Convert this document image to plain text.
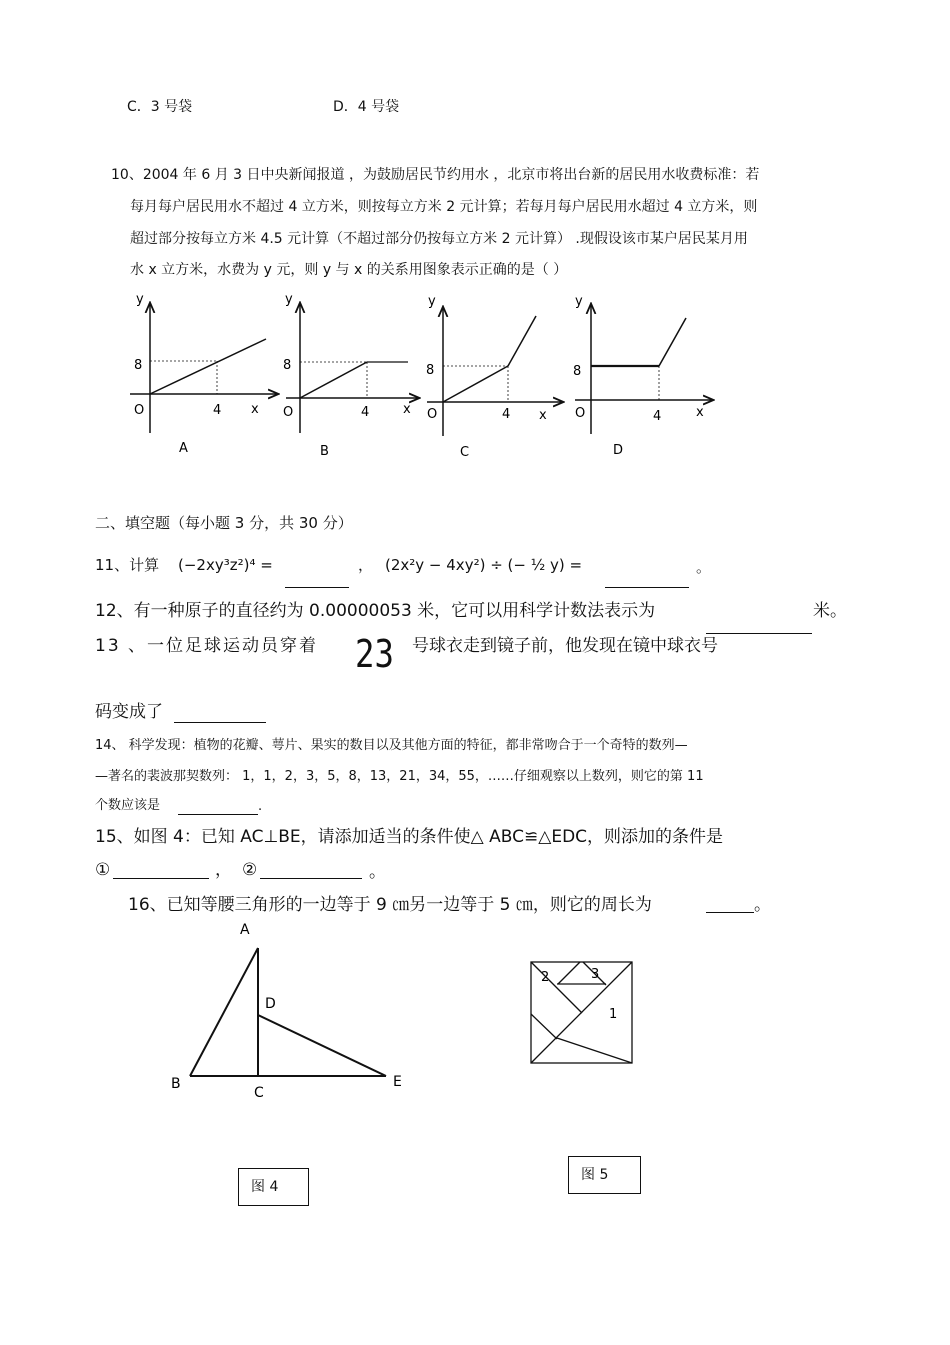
C．3 号袋	D．4 号袋
10、2004 年 6 月 3 日中央新闻报道 ，为鼓励居民节约用水 ，北京市将出台新的居民用水收费标准：若
每月每户居民用水不超过 4 立方米，则按每立方米 2 元计算；若每月每户居民用水超过 4 立方米，则
超过部分按每立方米 4.5 元计算（不超过部分仍按每立方米 2 元计算） .现假设该市某户居民某月用
水 x 立方米，水费为 y 元，则 y 与 x 的关系用图象表示正确的是（ ）
y
8
O	4 x
A
y
8
O	4	x
B
y
8
O	4 x
C
y
8
O	4	x
D
二、填空题（每小题 3 分，共 30 分）
11、计算 (−2xy³z²)⁴ =	， (2x²y − 4xy²) ÷ (− ½ y) =	。
12、有一种原子的直径约为 0.00000053 米，它可以用科学计数法表示为	米。
13 、一位足球运动员穿着 23 号球衣走到镜子前，他发现在镜中球衣号
码变成了
14、 科学发现：植物的花瓣、萼片、果实的数目以及其他方面的特征，都非常吻合于一个奇特的数列—
—著名的裴波那契数列： 1，1，2，3，5，8，13，21，34，55，……仔细观察以上数列，则它的第 11
个数应该是	.
15、如图 4：已知 AC⊥BE，请添加适当的条件使△ ABC≌△EDC，则添加的条件是
①	， ②	。
16、已知等腰三角形的一边等于 9 ㎝另一边等于 5 ㎝，则它的周长为	。
A
B
C
D
E
2	3
1
图 4
图 5
